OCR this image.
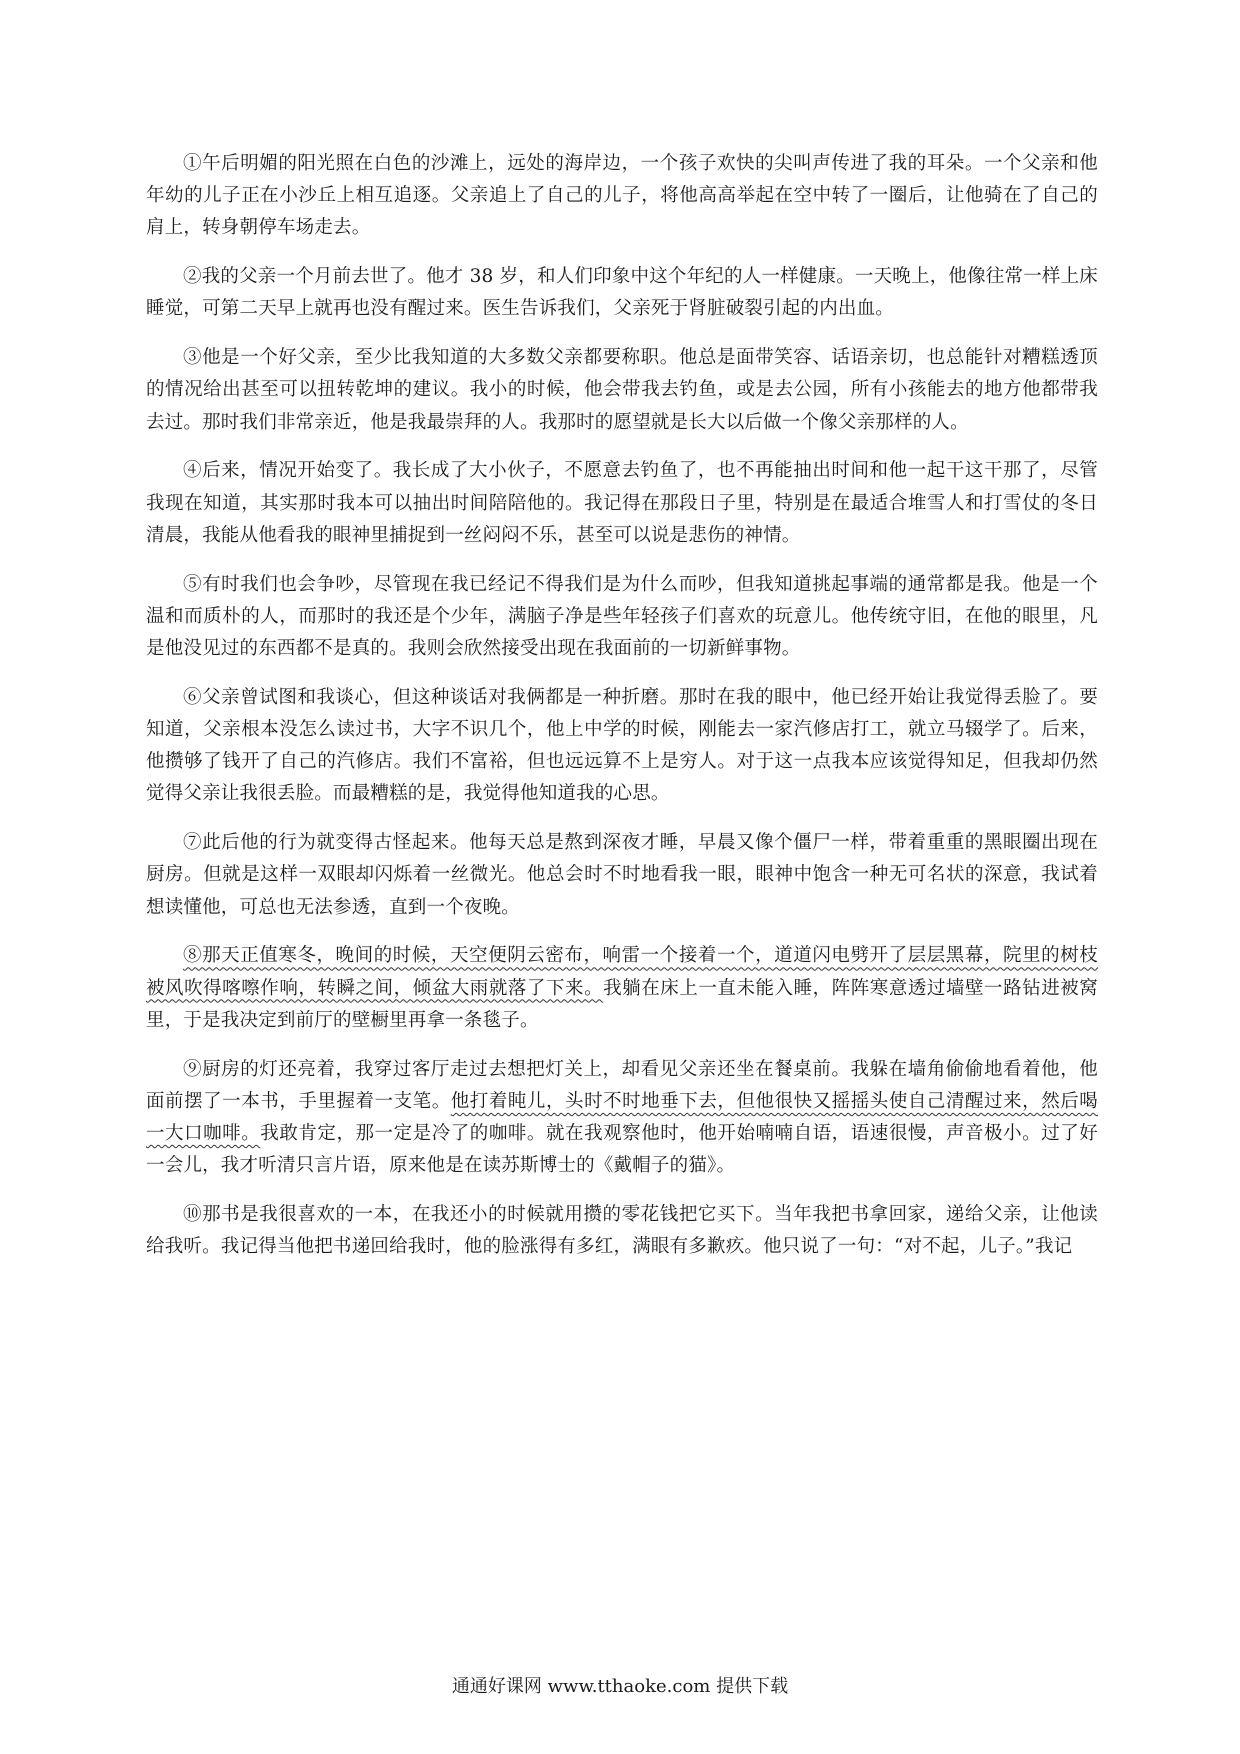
①午后明媚的阳光照在白色的沙滩上，远处的海岸边，一个孩子欢快的尖叫声传进了我的耳朵。一个父亲和他年幼的儿子正在小沙丘上相互追逐。父亲追上了自己的儿子，将他高高举起在空中转了一圈后，让他骑在了自己的肩上，转身朝停车场走去。

②我的父亲一个月前去世了。他才 38 岁，和人们印象中这个年纪的人一样健康。一天晚上，他像往常一样上床睡觉，可第二天早上就再也没有醒过来。医生告诉我们，父亲死于肾脏破裂引起的内出血。

③他是一个好父亲，至少比我知道的大多数父亲都要称职。他总是面带笑容、话语亲切，也总能针对糟糕透顶的情况给出甚至可以扭转乾坤的建议。我小的时候，他会带我去钓鱼，或是去公园，所有小孩能去的地方他都带我去过。那时我们非常亲近，他是我最崇拜的人。我那时的愿望就是长大以后做一个像父亲那样的人。

④后来，情况开始变了。我长成了大小伙子，不愿意去钓鱼了，也不再能抽出时间和他一起干这干那了，尽管我现在知道，其实那时我本可以抽出时间陪陪他的。我记得在那段日子里，特别是在最适合堆雪人和打雪仗的冬日清晨，我能从他看我的眼神里捕捉到一丝闷闷不乐，甚至可以说是悲伤的神情。

⑤有时我们也会争吵，尽管现在我已经记不得我们是为什么而吵，但我知道挑起事端的通常都是我。他是一个温和而质朴的人，而那时的我还是个少年，满脑子净是些年轻孩子们喜欢的玩意儿。他传统守旧，在他的眼里，凡是他没见过的东西都不是真的。我则会欣然接受出现在我面前的一切新鲜事物。

⑥父亲曾试图和我谈心，但这种谈话对我俩都是一种折磨。那时在我的眼中，他已经开始让我觉得丢脸了。要知道，父亲根本没怎么读过书，大字不识几个，他上中学的时候，刚能去一家汽修店打工，就立马辍学了。后来，他攒够了钱开了自己的汽修店。我们不富裕，但也远远算不上是穷人。对于这一点我本应该觉得知足，但我却仍然觉得父亲让我很丢脸。而最糟糕的是，我觉得他知道我的心思。

⑦此后他的行为就变得古怪起来。他每天总是熬到深夜才睡，早晨又像个僵尸一样，带着重重的黑眼圈出现在厨房。但就是这样一双眼却闪烁着一丝微光。他总会时不时地看我一眼，眼神中饱含一种无可名状的深意，我试着想读懂他，可总也无法参透，直到一个夜晚。

⑧那天正值寒冬，晚间的时候，天空便阴云密布，响雷一个接着一个，道道闪电劈开了层层黑幕，院里的树枝被风吹得喀嚓作响，转瞬之间，倾盆大雨就落了下来。我躺在床上一直未能入睡，阵阵寒意透过墙壁一路钻进被窝里，于是我决定到前厅的壁橱里再拿一条毯子。

⑨厨房的灯还亮着，我穿过客厅走过去想把灯关上，却看见父亲还坐在餐桌前。我躲在墙角偷偷地看着他，他面前摆了一本书，手里握着一支笔。他打着盹儿，头时不时地垂下去，但他很快又摇摇头使自己清醒过来，然后喝一大口咖啡。我敢肯定，那一定是冷了的咖啡。就在我观察他时，他开始喃喃自语，语速很慢，声音极小。过了好一会儿，我才听清只言片语，原来他是在读苏斯博士的《戴帽子的猫》。

⑩那书是我很喜欢的一本，在我还小的时候就用攒的零花钱把它买下。当年我把书拿回家，递给父亲，让他读给我听。我记得当他把书递回给我时，他的脸涨得有多红，满眼有多歉疚。他只说了一句：“对不起，儿子。”我记

通通好课网 www.tthaoke.com 提供下载
